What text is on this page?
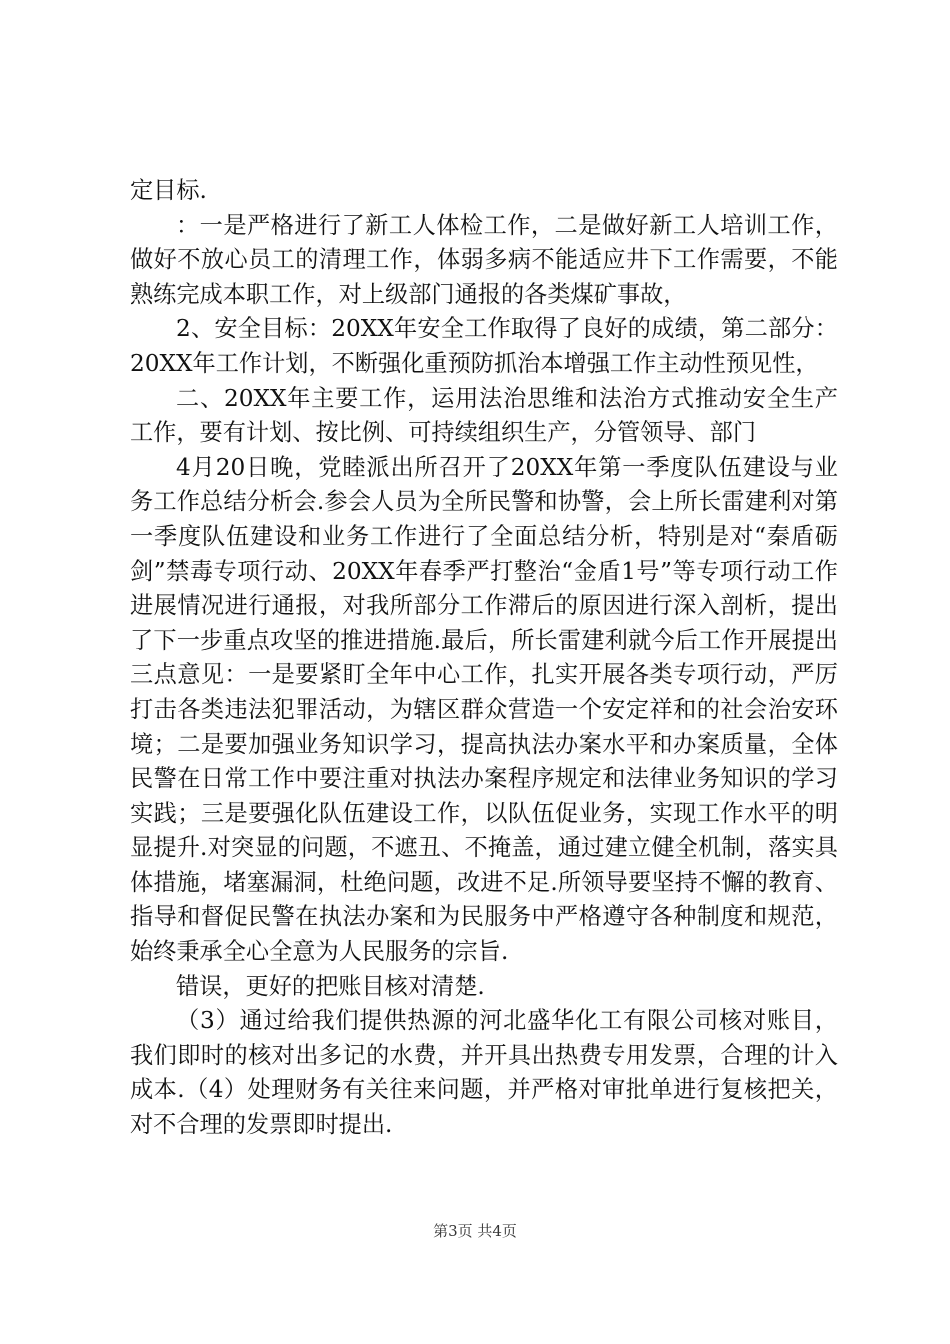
定目标.

：一是严格进行了新工人体检工作，二是做好新工人培训工作，做好不放心员工的清理工作，体弱多病不能适应井下工作需要，不能熟练完成本职工作，对上级部门通报的各类煤矿事故，

2、安全目标：20XX年安全工作取得了良好的成绩，第二部分：20XX年工作计划，不断强化重预防抓治本增强工作主动性预见性，

二、20XX年主要工作，运用法治思维和法治方式推动安全生产工作，要有计划、按比例、可持续组织生产，分管领导、部门

4月20日晚，党睦派出所召开了20XX年第一季度队伍建设与业务工作总结分析会.参会人员为全所民警和协警，会上所长雷建利对第一季度队伍建设和业务工作进行了全面总结分析，特别是对“秦盾砺剑”禁毒专项行动、20XX年春季严打整治“金盾1号”等专项行动工作进展情况进行通报，对我所部分工作滞后的原因进行深入剖析，提出了下一步重点攻坚的推进措施.最后，所长雷建利就今后工作开展提出三点意见：一是要紧盯全年中心工作，扎实开展各类专项行动，严厉打击各类违法犯罪活动，为辖区群众营造一个安定祥和的社会治安环境；二是要加强业务知识学习，提高执法办案水平和办案质量，全体民警在日常工作中要注重对执法办案程序规定和法律业务知识的学习实践；三是要强化队伍建设工作，以队伍促业务，实现工作水平的明显提升.对突显的问题，不遮丑、不掩盖，通过建立健全机制，落实具体措施，堵塞漏洞，杜绝问题，改进不足.所领导要坚持不懈的教育、指导和督促民警在执法办案和为民服务中严格遵守各种制度和规范，始终秉承全心全意为人民服务的宗旨.

错误，更好的把账目核对清楚.

（3）通过给我们提供热源的河北盛华化工有限公司核对账目，我们即时的核对出多记的水费，并开具出热费专用发票，合理的计入成本.（4）处理财务有关往来问题，并严格对审批单进行复核把关，对不合理的发票即时提出.

第3页 共4页
